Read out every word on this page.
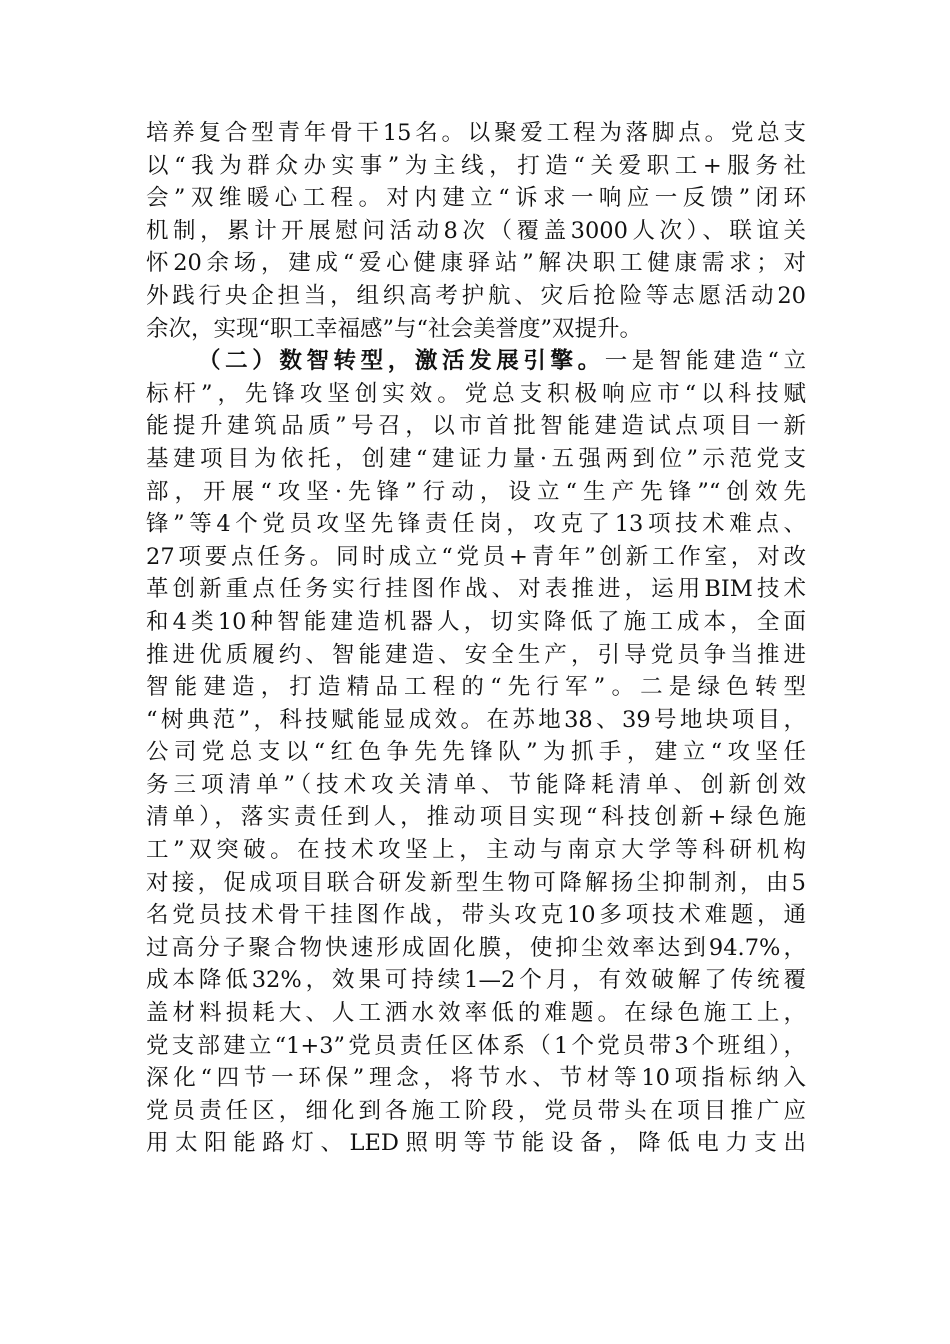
培养复合型青年骨干15名。以聚爱工程为落脚点。党总支
以“我为群众办实事”为主线，打造“关爱职工+服务社
会”双维暖心工程。对内建立“诉求一响应一反馈”闭环
机制，累计开展慰问活动8次（覆盖3000人次）、联谊关
怀20余场，建成“爱心健康驿站”解决职工健康需求；对
外践行央企担当，组织高考护航、灾后抢险等志愿活动20
余次，实现“职工幸福感”与“社会美誉度”双提升。
（二）数智转型，激活发展引擎。一是智能建造“立
标杆”，先锋攻坚创实效。党总支积极响应市“以科技赋
能提升建筑品质”号召，以市首批智能建造试点项目一新
基建项目为依托，创建“建证力量·五强两到位”示范党支
部，开展“攻坚·先锋”行动，设立“生产先锋”“创效先
锋”等4个党员攻坚先锋责任岗，攻克了13项技术难点、
27项要点任务。同时成立“党员+青年”创新工作室，对改
革创新重点任务实行挂图作战、对表推进，运用BIM技术
和4类10种智能建造机器人，切实降低了施工成本，全面
推进优质履约、智能建造、安全生产，引导党员争当推进
智能建造，打造精品工程的“先行军”。二是绿色转型
“树典范”，科技赋能显成效。在苏地38、39号地块项目，
公司党总支以“红色争先先锋队”为抓手，建立“攻坚任
务三项清单”（技术攻关清单、节能降耗清单、创新创效
清单），落实责任到人，推动项目实现“科技创新+绿色施
工”双突破。在技术攻坚上，主动与南京大学等科研机构
对接，促成项目联合研发新型生物可降解扬尘抑制剂，由5
名党员技术骨干挂图作战，带头攻克10多项技术难题，通
过高分子聚合物快速形成固化膜，使抑尘效率达到94.7%，
成本降低32%，效果可持续1—2个月，有效破解了传统覆
盖材料损耗大、人工洒水效率低的难题。在绿色施工上，
党支部建立“1+3”党员责任区体系（1个党员带3个班组），
深化“四节一环保”理念，将节水、节材等10项指标纳入
党员责任区，细化到各施工阶段，党员带头在项目推广应
用太阳能路灯、LED照明等节能设备，降低电力支出
